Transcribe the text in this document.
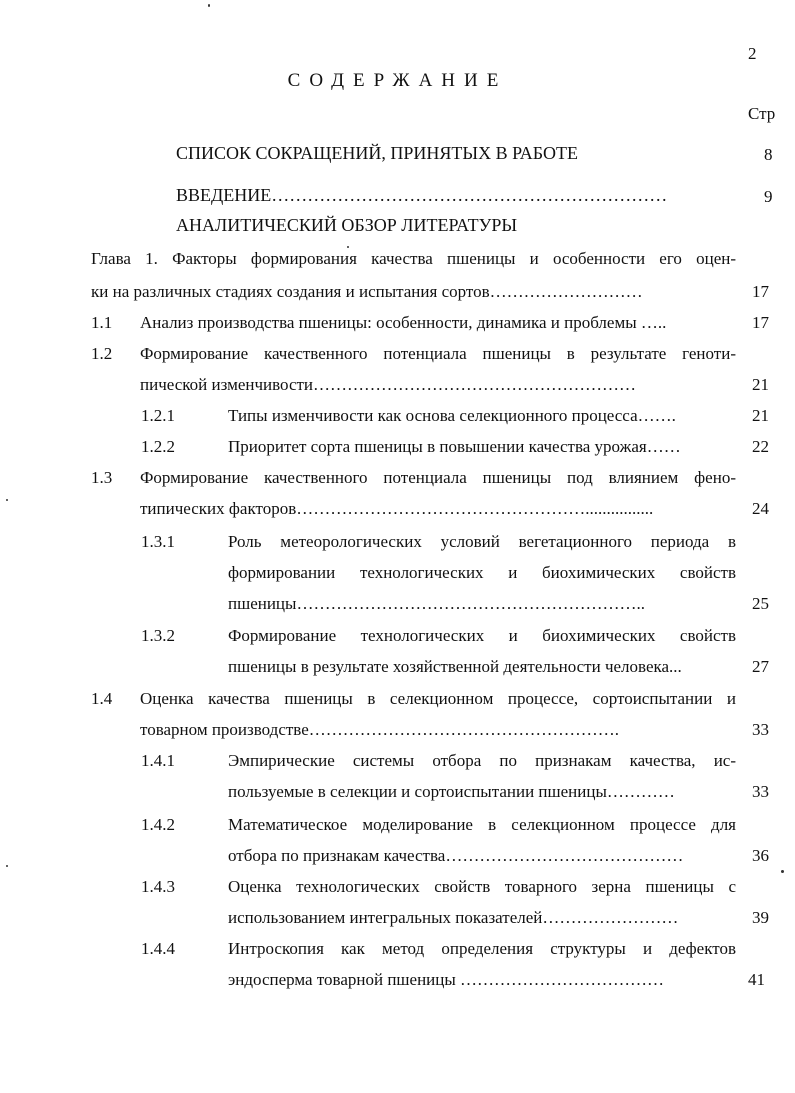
2
СОДЕРЖАНИЕ
Стр
СПИСОК СОКРАЩЕНИЙ, ПРИНЯТЫХ В РАБОТЕ	8
ВВЕДЕНИЕ…………………………………………………………	9
АНАЛИТИЧЕСКИЙ ОБЗОР ЛИТЕРАТУРЫ
Глава 1. Факторы формирования качества пшеницы и особенности его оцен-
ки на различных стадиях создания и испытания сортов………………………	17
1.1 Анализ производства пшеницы: особенности, динамика и проблемы …..	17
1.2 Формирование качественного потенциала пшеницы в результате геноти-
пической изменчивости…………………………………………………	21
1.2.1	Типы изменчивости как основа селекционного процесса…….	21
1.2.2	Приоритет сорта пшеницы в повышении качества урожая……	22
1.3 Формирование качественного потенциала пшеницы под влиянием фено-
типических факторов……………………………………………................	24
1.3.1	Роль метеорологических условий вегетационного периода в
формировании технологических и биохимических свойств
пшеницы……………………………………………………..	25
1.3.2	Формирование технологических и биохимических свойств
пшеницы в результате хозяйственной деятельности человека...	27
1.4 Оценка качества пшеницы в селекционном процессе, сортоиспытании и
товарном производстве……………………………………………….	33
1.4.1	Эмпирические системы отбора по признакам качества, ис-
пользуемые в селекции и сортоиспытании пшеницы…………	33
1.4.2	Математическое моделирование в селекционном процессе для
отбора по признакам качества……………………………………	36
1.4.3	Оценка технологических свойств товарного зерна пшеницы с
использованием интегральных показателей……………………	39
1.4.4	Интроскопия как метод определения структуры и дефектов
эндосперма товарной пшеницы ………………………………	41
